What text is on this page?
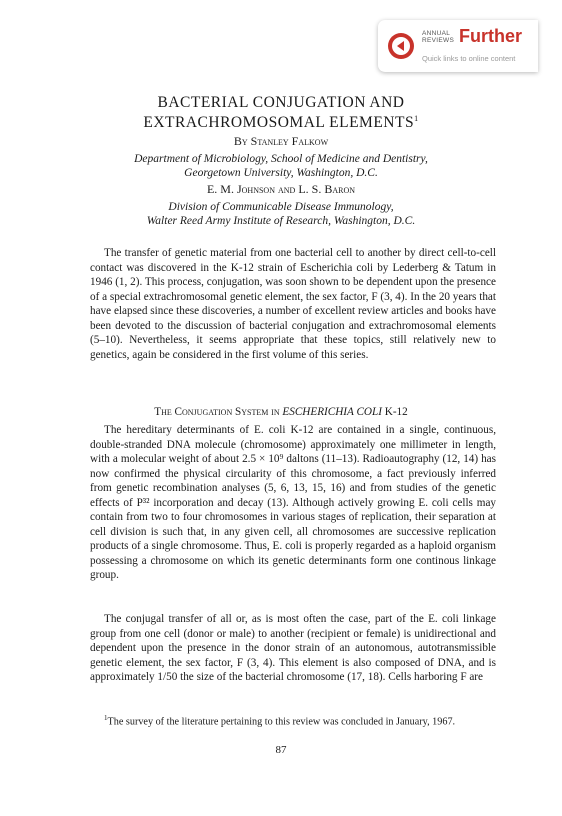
ANNUAL
REVIEWS Further
Quick links to online content
BACTERIAL CONJUGATION AND
EXTRACHROMOSOMAL ELEMENTS$^1$
By Stanley Falkow
Department of Microbiology, School of Medicine and Dentistry,
Georgetown University, Washington, D.C.
E. M. Johnson and L. S. Baron
Division of Communicable Disease Immunology,
Walter Reed Army Institute of Research, Washington, D.C.

The transfer of genetic material from one bacterial cell to another by direct cell-to-cell contact was discovered in the K-12 strain of Escherichia coli by Lederberg & Tatum in 1946 (1, 2). This process, conjugation, was soon shown to be dependent upon the presence of a special extrachromosomal genetic element, the sex factor, F (3, 4). In the 20 years that have elapsed since these discoveries, a number of excellent review articles and books have been devoted to the discussion of bacterial conjugation and extrachromosomal elements (5–10). Nevertheless, it seems appropriate that these topics, still relatively new to genetics, again be considered in the first volume of this series.

The Conjugation System in ESCHERICHIA COLI K-12

The hereditary determinants of E. coli K-12 are contained in a single, continuous, double-stranded DNA molecule (chromosome) approximately one millimeter in length, with a molecular weight of about 2.5 × 10⁹ daltons (11–13). Radioautography (12, 14) has now confirmed the physical circularity of this chromosome, a fact previously inferred from genetic recombination analyses (5, 6, 13, 15, 16) and from studies of the genetic effects of P³² incorporation and decay (13). Although actively growing E. coli cells may contain from two to four chromosomes in various stages of replication, their separation at cell division is such that, in any given cell, all chromosomes are successive replication products of a single chromosome. Thus, E. coli is properly regarded as a haploid organism possessing a chromosome on which its genetic determinants form one continous linkage group.

The conjugal transfer of all or, as is most often the case, part of the E. coli linkage group from one cell (donor or male) to another (recipient or female) is unidirectional and dependent upon the presence in the donor strain of an autonomous, autotransmissible genetic element, the sex factor, F (3, 4). This element is also composed of DNA, and is approximately 1/50 the size of the bacterial chromosome (17, 18). Cells harboring F are

$^1$The survey of the literature pertaining to this review was concluded in January, 1967.

87
